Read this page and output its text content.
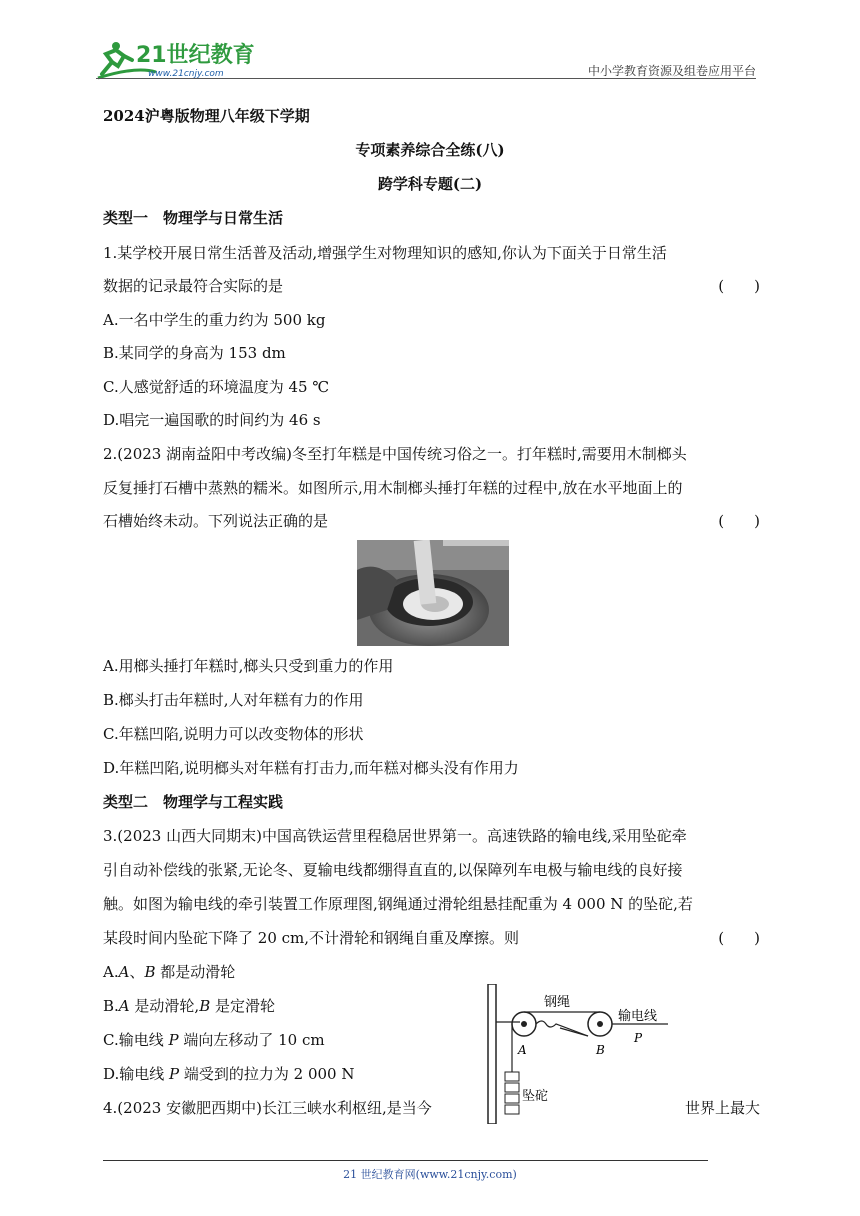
21世纪教育
www.21cnjy.com	中小学教育资源及组卷应用平台
2024沪粤版物理八年级下学期
专项素养综合全练(八)
跨学科专题(二)
类型一　物理学与日常生活
1.某学校开展日常生活普及活动,增强学生对物理知识的感知,你认为下面关于日常生活
数据的记录最符合实际的是	(　　)
A.一名中学生的重力约为 500 kg
B.某同学的身高为 153 dm
C.人感觉舒适的环境温度为 45 ℃
D.唱完一遍国歌的时间约为 46 s
2.(2023 湖南益阳中考改编)冬至打年糕是中国传统习俗之一。打年糕时,需要用木制榔头
反复捶打石槽中蒸熟的糯米。如图所示,用木制榔头捶打年糕的过程中,放在水平地面上的
石槽始终未动。下列说法正确的是	(　　)
A.用榔头捶打年糕时,榔头只受到重力的作用
B.榔头打击年糕时,人对年糕有力的作用
C.年糕凹陷,说明力可以改变物体的形状
D.年糕凹陷,说明榔头对年糕有打击力,而年糕对榔头没有作用力
类型二　物理学与工程实践
3.(2023 山西大同期末)中国高铁运营里程稳居世界第一。高速铁路的输电线,采用坠砣牵
引自动补偿线的张紧,无论冬、夏输电线都绷得直直的,以保障列车电极与输电线的良好接
触。如图为输电线的牵引装置工作原理图,钢绳通过滑轮组悬挂配重为 4 000 N 的坠砣,若
某段时间内坠砣下降了 20 cm,不计滑轮和钢绳自重及摩擦。则	(　　)
A.A、B 都是动滑轮
B.A 是动滑轮,B 是定滑轮
C.输电线 P 端向左移动了 10 cm
D.输电线 P 端受到的拉力为 2 000 N
钢绳
输电线
A	B
P
坠砣
4.(2023 安徽肥西期中)长江三峡水利枢纽,是当今	世界上最大
21 世纪教育网(www.21cnjy.com)
